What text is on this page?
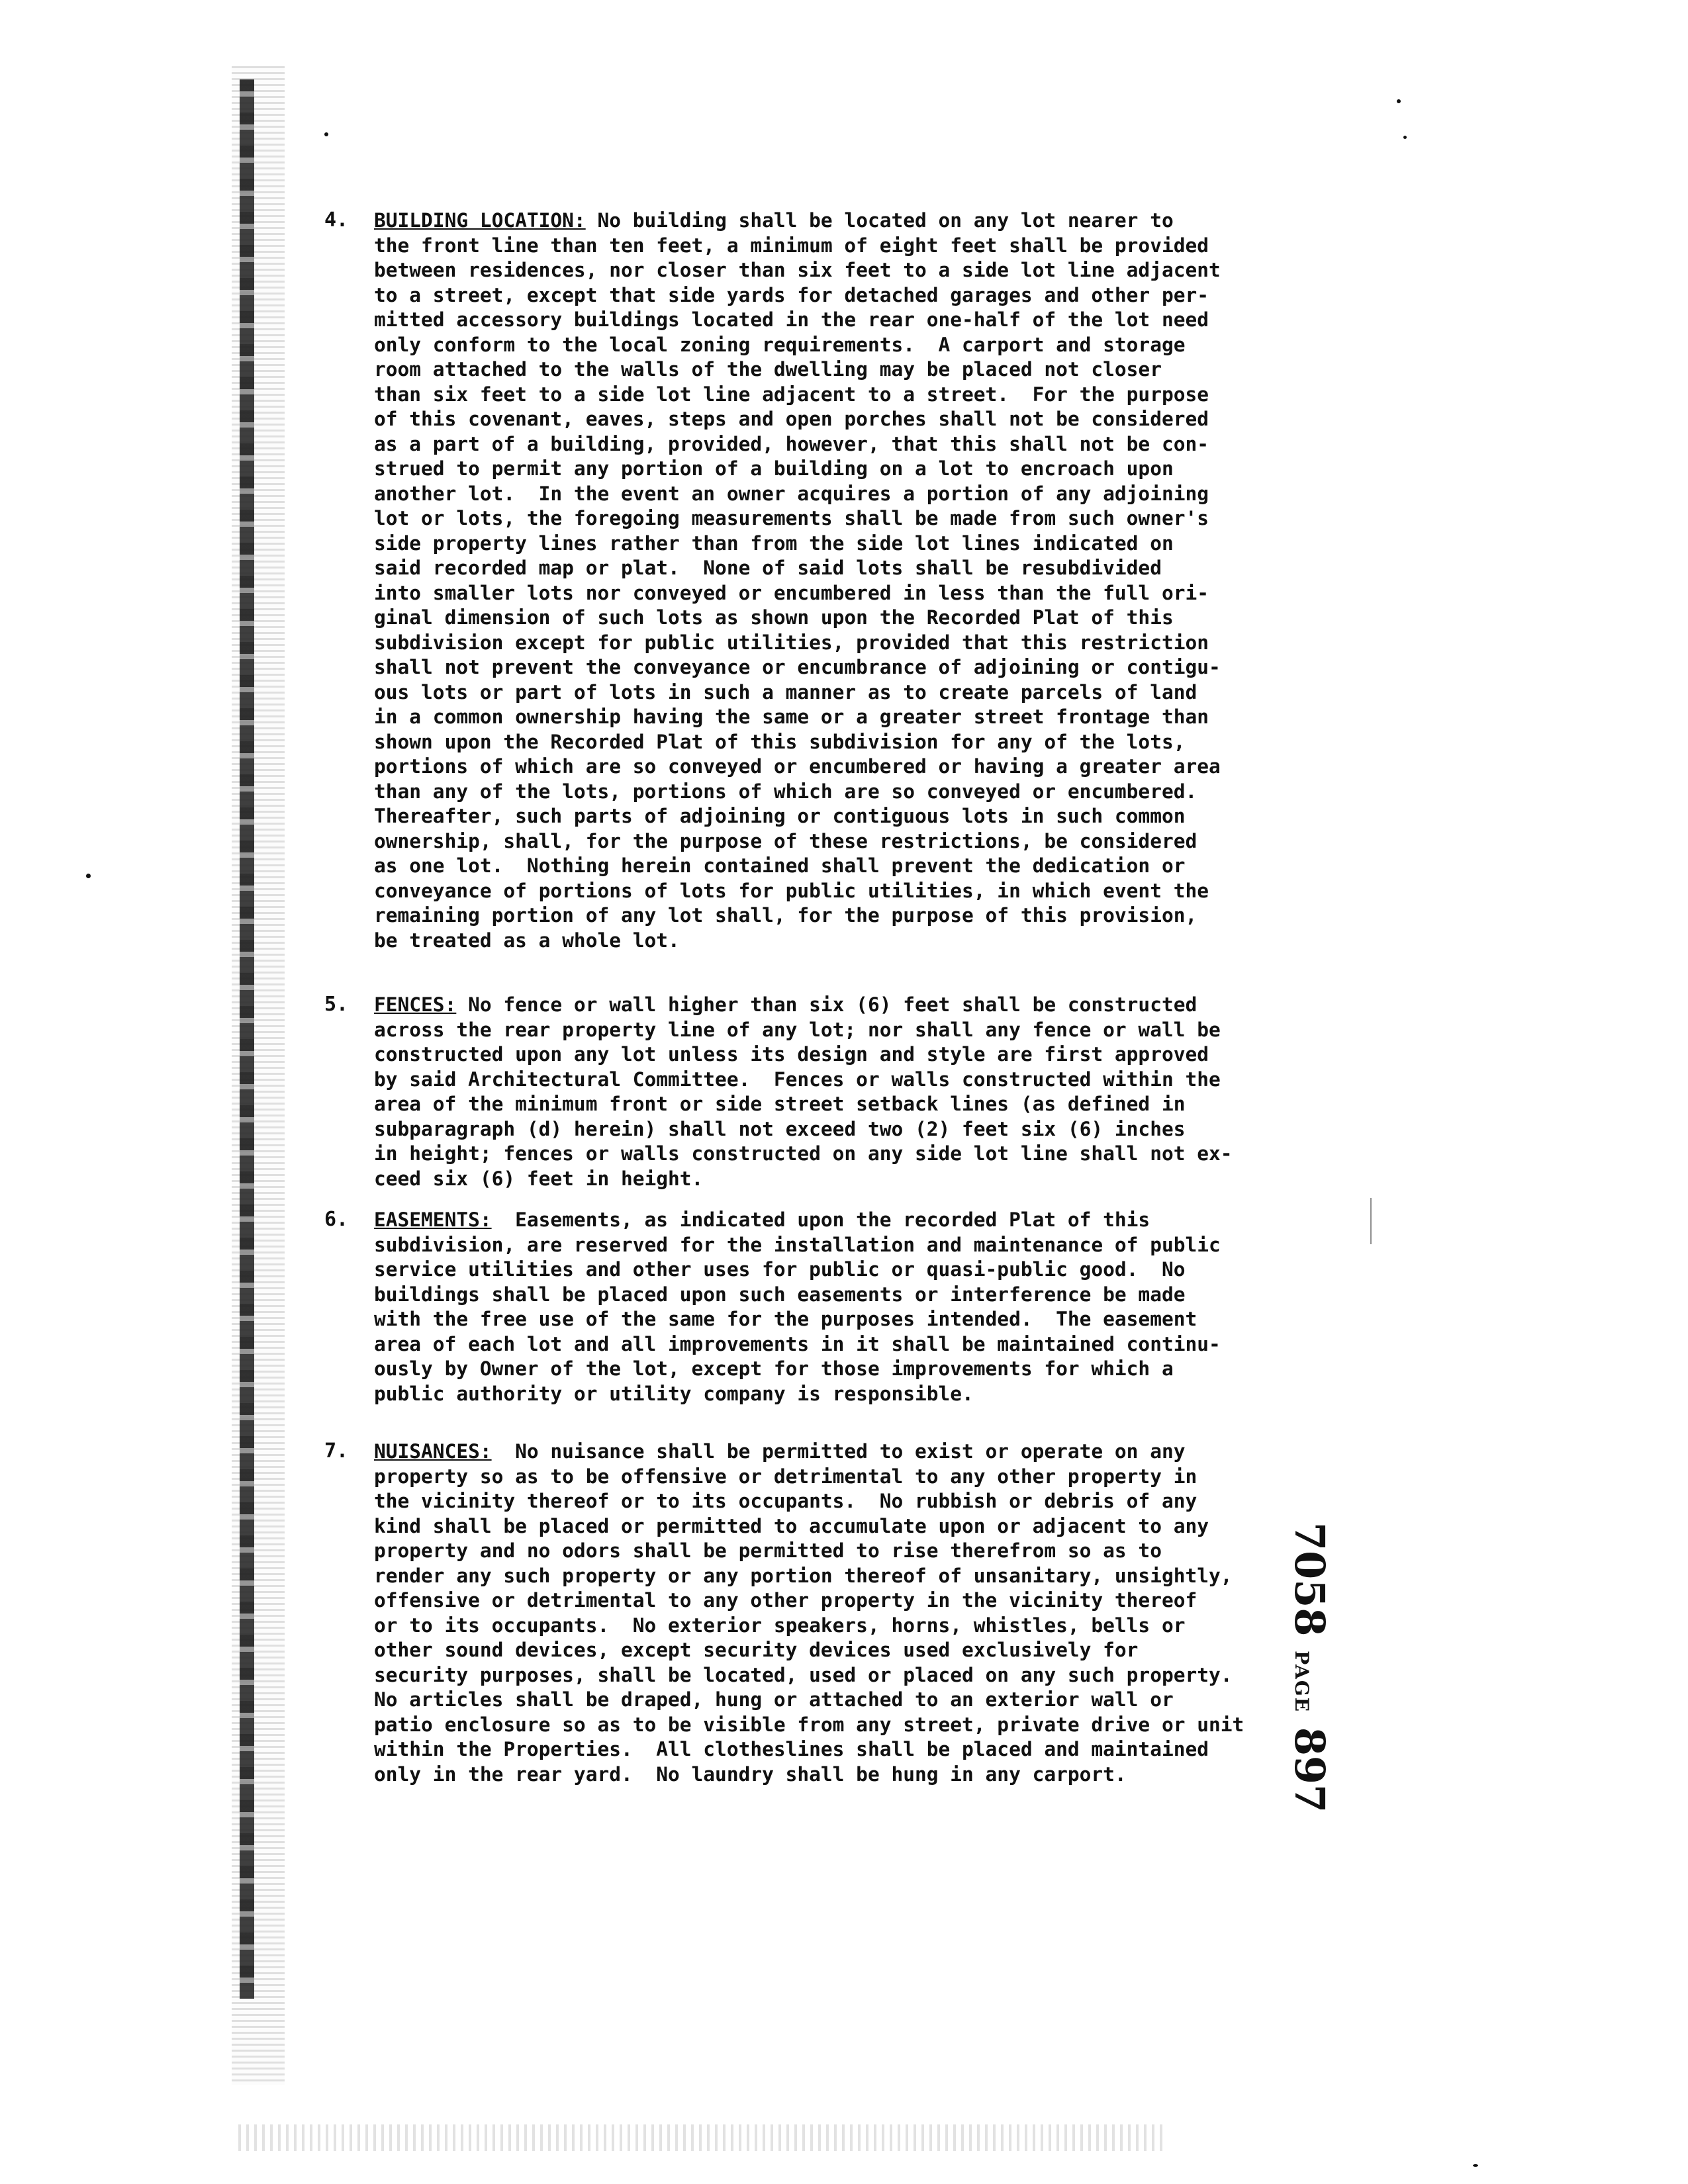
4. BUILDING LOCATION: No building shall be located on any lot nearer to
the front line than ten feet, a minimum of eight feet shall be provided
between residences, nor closer than six feet to a side lot line adjacent
to a street, except that side yards for detached garages and other per-
mitted accessory buildings located in the rear one-half of the lot need
only conform to the local zoning requirements.  A carport and storage
room attached to the walls of the dwelling may be placed not closer
than six feet to a side lot line adjacent to a street.  For the purpose
of this covenant, eaves, steps and open porches shall not be considered
as a part of a building, provided, however, that this shall not be con-
strued to permit any portion of a building on a lot to encroach upon
another lot.  In the event an owner acquires a portion of any adjoining
lot or lots, the foregoing measurements shall be made from such owner's
side property lines rather than from the side lot lines indicated on
said recorded map or plat.  None of said lots shall be resubdivided
into smaller lots nor conveyed or encumbered in less than the full ori-
ginal dimension of such lots as shown upon the Recorded Plat of this
subdivision except for public utilities, provided that this restriction
shall not prevent the conveyance or encumbrance of adjoining or contigu-
ous lots or part of lots in such a manner as to create parcels of land
in a common ownership having the same or a greater street frontage than
shown upon the Recorded Plat of this subdivision for any of the lots,
portions of which are so conveyed or encumbered or having a greater area
than any of the lots, portions of which are so conveyed or encumbered.
Thereafter, such parts of adjoining or contiguous lots in such common
ownership, shall, for the purpose of these restrictions, be considered
as one lot.  Nothing herein contained shall prevent the dedication or
conveyance of portions of lots for public utilities, in which event the
remaining portion of any lot shall, for the purpose of this provision,
be treated as a whole lot.
5. FENCES: No fence or wall higher than six (6) feet shall be constructed
across the rear property line of any lot; nor shall any fence or wall be
constructed upon any lot unless its design and style are first approved
by said Architectural Committee.  Fences or walls constructed within the
area of the minimum front or side street setback lines (as defined in
subparagraph (d) herein) shall not exceed two (2) feet six (6) inches
in height; fences or walls constructed on any side lot line shall not ex-
ceed six (6) feet in height.
6. EASEMENTS:  Easements, as indicated upon the recorded Plat of this
subdivision, are reserved for the installation and maintenance of public
service utilities and other uses for public or quasi-public good.  No
buildings shall be placed upon such easements or interference be made
with the free use of the same for the purposes intended.  The easement
area of each lot and all improvements in it shall be maintained continu-
ously by Owner of the lot, except for those improvements for which a
public authority or utility company is responsible.
7. NUISANCES:  No nuisance shall be permitted to exist or operate on any
property so as to be offensive or detrimental to any other property in
the vicinity thereof or to its occupants.  No rubbish or debris of any
kind shall be placed or permitted to accumulate upon or adjacent to any
property and no odors shall be permitted to rise therefrom so as to
render any such property or any portion thereof of unsanitary, unsightly,
offensive or detrimental to any other property in the vicinity thereof
or to its occupants.  No exterior speakers, horns, whistles, bells or
other sound devices, except security devices used exclusively for
security purposes, shall be located, used or placed on any such property.
No articles shall be draped, hung or attached to an exterior wall or
patio enclosure so as to be visible from any street, private drive or unit
within the Properties.  All clotheslines shall be placed and maintained
only in the rear yard.  No laundry shall be hung in any carport.
7058 PAGE 897
